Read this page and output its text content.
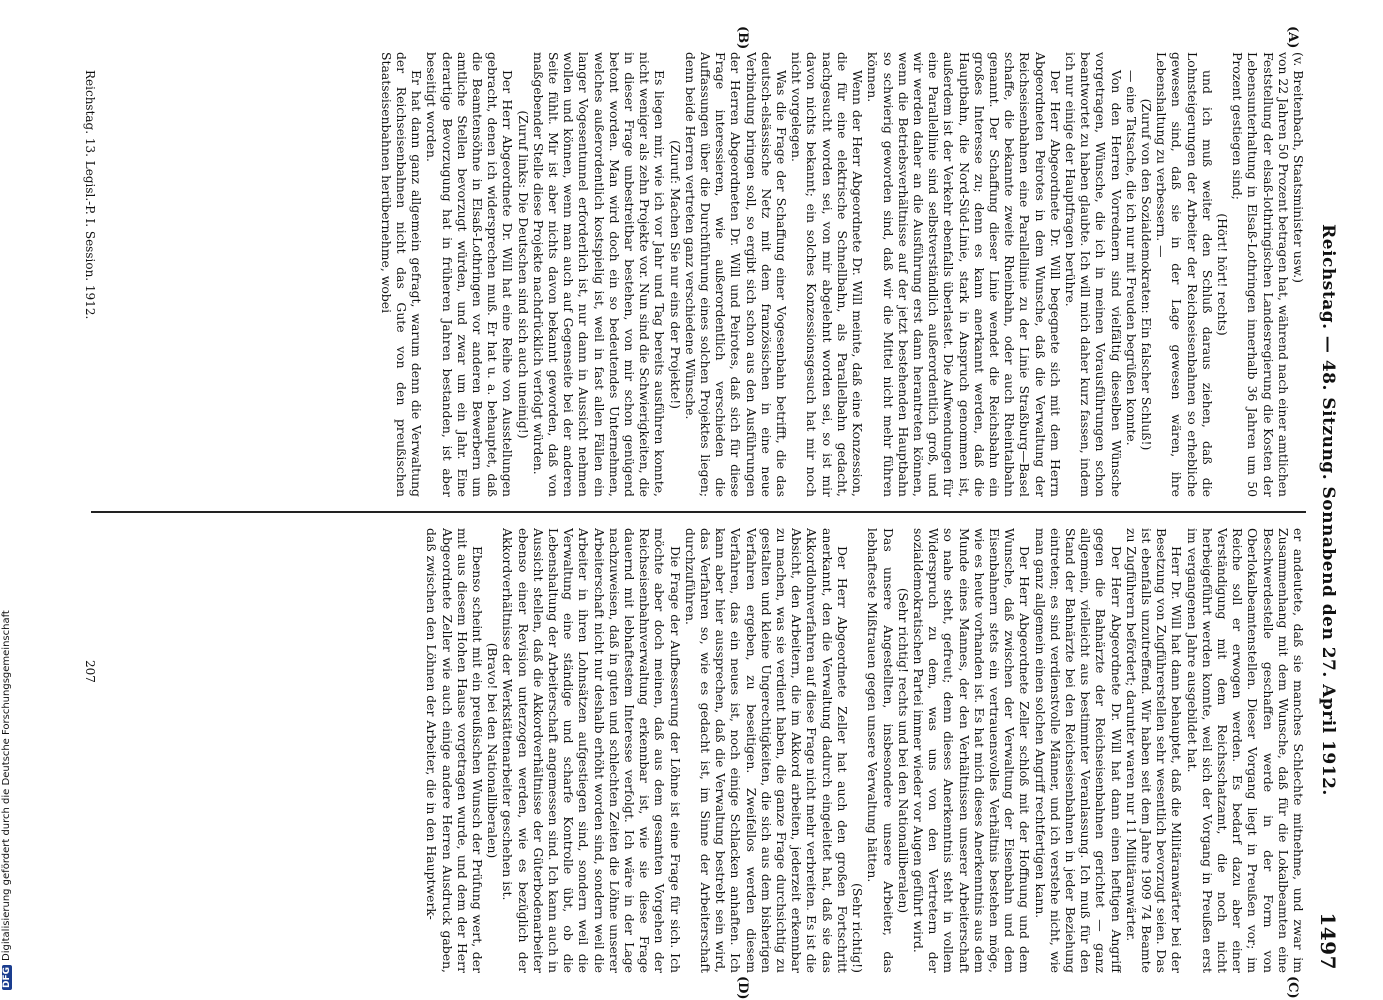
DFGDigitalisierung gefördert durch die Deutsche Forschungsgemeinschaft	Reichstag. — 48. Sitzung. Sonnabend den 27. April 1912.
1497
(A)
(B)
(C)
(D)

(v. Breitenbach, Staatsminister usw.)

von 22 Jahren 50 Prozent betragen hat, während nach einer amtlichen Feststellung der elsaß-lothringischen Landesregierung die Kosten der Lebensunterhaltung in Elsaß-Lothringen innerhalb 36 Jahren um 50 Prozent gestiegen sind;

(Hört! hört! rechts)

und ich muß weiter den Schluß daraus ziehen, daß die Lohnsteigerungen der Arbeiter der Reichseisenbahnen so erhebliche gewesen sind, daß sie in der Lage gewesen wären, ihre Lebenshaltung zu verbessern. —

(Zuruf von den Sozialdemokraten: Ein falscher Schluß!)

— eine Tatsache, die ich nur mit Freuden begrüßen konnte.

Von den Herren Vorrednern sind vielfältig dieselben Wünsche vorgetragen, Wünsche, die ich in meinen Vorausführungen schon beantwortet zu haben glaubte. Ich will mich daher kurz fassen, indem ich nur einige der Hauptfragen berühre.

Der Herr Abgeordnete Dr. Will begegnete sich mit dem Herrn Abgeordneten Peirotes in dem Wunsche, daß die Verwaltung der Reichseisenbahnen eine Parallellinie zu der Linie Straßburg—Basel schaffe, die bekannte zweite Rheinbahn, oder auch Rheintalbahn genannt. Der Schaffung dieser Linie wendet die Reichsbahn ein großes Interesse zu; denn es kann anerkannt werden, daß die Hauptbahn, die Nord-Süd-Linie, stark in Anspruch genommen ist, außerdem ist der Verkehr ebenfalls überlastet. Die Aufwendungen für eine Parallellinie sind selbstverständlich außerordentlich groß, und wir werden daher an die Ausführung erst dann herantreten können, wenn die Betriebsverhältnisse auf der jetzt bestehenden Hauptbahn so schwierig geworden sind, daß wir die Mittel nicht mehr führen können.

Wenn der Herr Abgeordnete Dr. Will meinte, daß eine Konzession, die für eine elektrische Schnellbahn, als Parallelbahn gedacht, nachgesucht worden sei, von mir abgelehnt worden sei, so ist mir davon nichts bekannt; ein solches Konzessionsgesuch hat mir noch nicht vorgelegen.

Was die Frage der Schaffung einer Vogesenbahn betrifft, die das deutsch-elsässische Netz mit dem französischen in eine neue Verbindung bringen soll, so ergibt sich schon aus den Ausführungen der Herren Abgeordneten Dr. Will und Peirotes, daß sich für diese Frage interessieren, wie außerordentlich verschieden die Auffassungen über die Durchführung eines solchen Projektes liegen; denn beide Herren vertreten ganz verschiedene Wünsche.

(Zuruf: Machen Sie nur eins der Projekte!)

Es liegen mir, wie ich vor Jahr und Tag bereits ausführen konnte, nicht weniger als zehn Projekte vor. Nun sind die Schwierigkeiten, die in dieser Frage unbestreitbar bestehen, von mir schon genügend betont worden. Man wird doch ein so bedeutendes Unternehmen, welches außerordentlich kostspielig ist, weil in fast allen Fällen ein langer Vogesentunnel erforderlich ist, nur dann in Aussicht nehmen wollen und können, wenn man auch auf Gegenseite bei der anderen Seite fühlt. Mir ist aber nichts davon bekannt geworden, daß von maßgebender Stelle diese Projekte nachdrücklich verfolgt würden.

(Zuruf links: Die Deutschen sind sich auch uneinig!)

Der Herr Abgeordnete Dr. Will hat eine Reihe von Ausstellungen gebracht, denen ich widersprechen muß. Er hat u. a. behauptet, daß die Beamtensöhne in Elsaß-Lothringen vor anderen Bewerbern um amtliche Stellen bevorzugt würden, und zwar um ein Jahr. Eine derartige Bevorzugung hat in früheren Jahren bestanden, ist aber beseitigt worden.

Er hat dann ganz allgemein gefragt, warum denn die Verwaltung der Reichseisenbahnen nicht das Gute von den preußischen Staatseisenbahnen herübernehme, wobei

er andeutete, daß sie manches Schlechte mitnehme, und zwar im Zusammenhang mit dem Wunsche, daß für die Lokalbeamten eine Beschwerdestelle geschaffen werde in der Form von Oberlokalbeamtenstellen. Dieser Vorgang liegt in Preußen vor; im Reiche soll er erwogen werden. Es bedarf dazu aber einer Verständigung mit dem Reichsschatzamt, die noch nicht herbeigeführt werden konnte, weil sich der Vorgang in Preußen erst im vergangenen Jahre ausgebildet hat.

Herr Dr. Will hat dann behauptet, daß die Militäranwärter bei der Besetzung von Zugführerstellen sehr wesentlich bevorzugt seien. Das ist ebenfalls unzutreffend. Wir haben seit dem Jahre 1909 74 Beamte zu Zugführern befördert; darunter waren nur 11 Militäranwärter.

Der Herr Abgeordnete Dr. Will hat dann einen heftigen Angriff gegen die Bahnärzte der Reichseisenbahnen gerichtet — ganz allgemein, vielleicht aus bestimmter Veranlassung. Ich muß für den Stand der Bahnärzte bei den Reichseisenbahnen in jeder Beziehung eintreten; es sind verdienstvolle Männer, und ich verstehe nicht, wie man ganz allgemein einen solchen Angriff rechtfertigen kann.

Der Herr Abgeordnete Zeller schloß mit der Hoffnung und dem Wunsche, daß zwischen der Verwaltung der Eisenbahn und dem Eisenbahnern stets ein vertrauensvolles Verhältnis bestehen möge, wie es heute vorhanden ist. Es hat mich dieses Anerkenntnis aus dem Munde eines Mannes, der den Verhältnissen unserer Arbeiterschaft so nahe steht, gefreut; denn dieses Anerkenntnis steht in vollem Widerspruch zu dem, was uns von den Vertretern der sozialdemokratischen Partei immer wieder vor Augen geführt wird.

(Sehr richtig! rechts und bei den Nationalliberalen)

Das unsere Angestellten, insbesondere unsere Arbeiter, das lebhafteste Mißtrauen gegen unsere Verwaltung hätten.

(Sehr richtig!)

Der Herr Abgeordnete Zeller hat auch den großen Fortschritt anerkannt, den die Verwaltung dadurch eingeleitet hat, daß sie das Akkordlohnverfahren auf diese Frage nicht mehr verbreiten. Es ist die Absicht, den Arbeitern, die im Akkord arbeiten, jederzeit erkennbar zu machen, was sie verdient haben, die ganze Frage durchsichtig zu gestalten und kleine Ungerechtigkeiten, die sich aus dem bisherigen Verfahren ergeben, zu beseitigen. Zweifellos werden diesem Verfahren, das ein neues ist, noch einige Schlacken anhaften. Ich kann aber hier aussprechen, daß die Verwaltung bestrebt sein wird, das Verfahren so, wie es gedacht ist, im Sinne der Arbeiterschaft durchzuführen.

Die Frage der Aufbesserung der Löhne ist eine Frage für sich. Ich möchte aber doch meinen, daß aus dem gesamten Vorgehen der Reichseisenbahnverwaltung erkennbar ist, wie sie diese Frage dauernd mit lebhaftestem Interesse verfolgt. Ich wäre in der Lage nachzuweisen, daß in guten und schlechten Zeiten die Löhne unserer Arbeiterschaft nicht nur deshalb erhöht worden sind, sondern weil die Arbeiter in ihren Lohnsätzen aufgestiegen sind, sondern weil die Verwaltung eine ständige und scharfe Kontrolle übt, ob die Lebenshaltung der Arbeiterschaft angemessen sind. Ich kann auch in Aussicht stellen, daß die Akkordverhältnisse der Güterbodenarbeiter ebenso einer Revision unterzogen werden, wie es bezüglich der Akkordverhältnisse der Werkstättenarbeiter geschehen ist.

(Bravo! bei den Nationalliberalen)

Ebenso scheint mit ein preußischen Wunsch der Prüfung wert, der mit aus diesem Hohen Hause vorgetragen wurde, und dem der Herr Abgeordnete Zeller wie auch einige andere Herren Ausdruck gaben, daß zwischen den Löhnen der Arbeiter, die in den Hauptwerk-

Reichstag. 13. Legisl.-P. I. Session. 1912.
207
